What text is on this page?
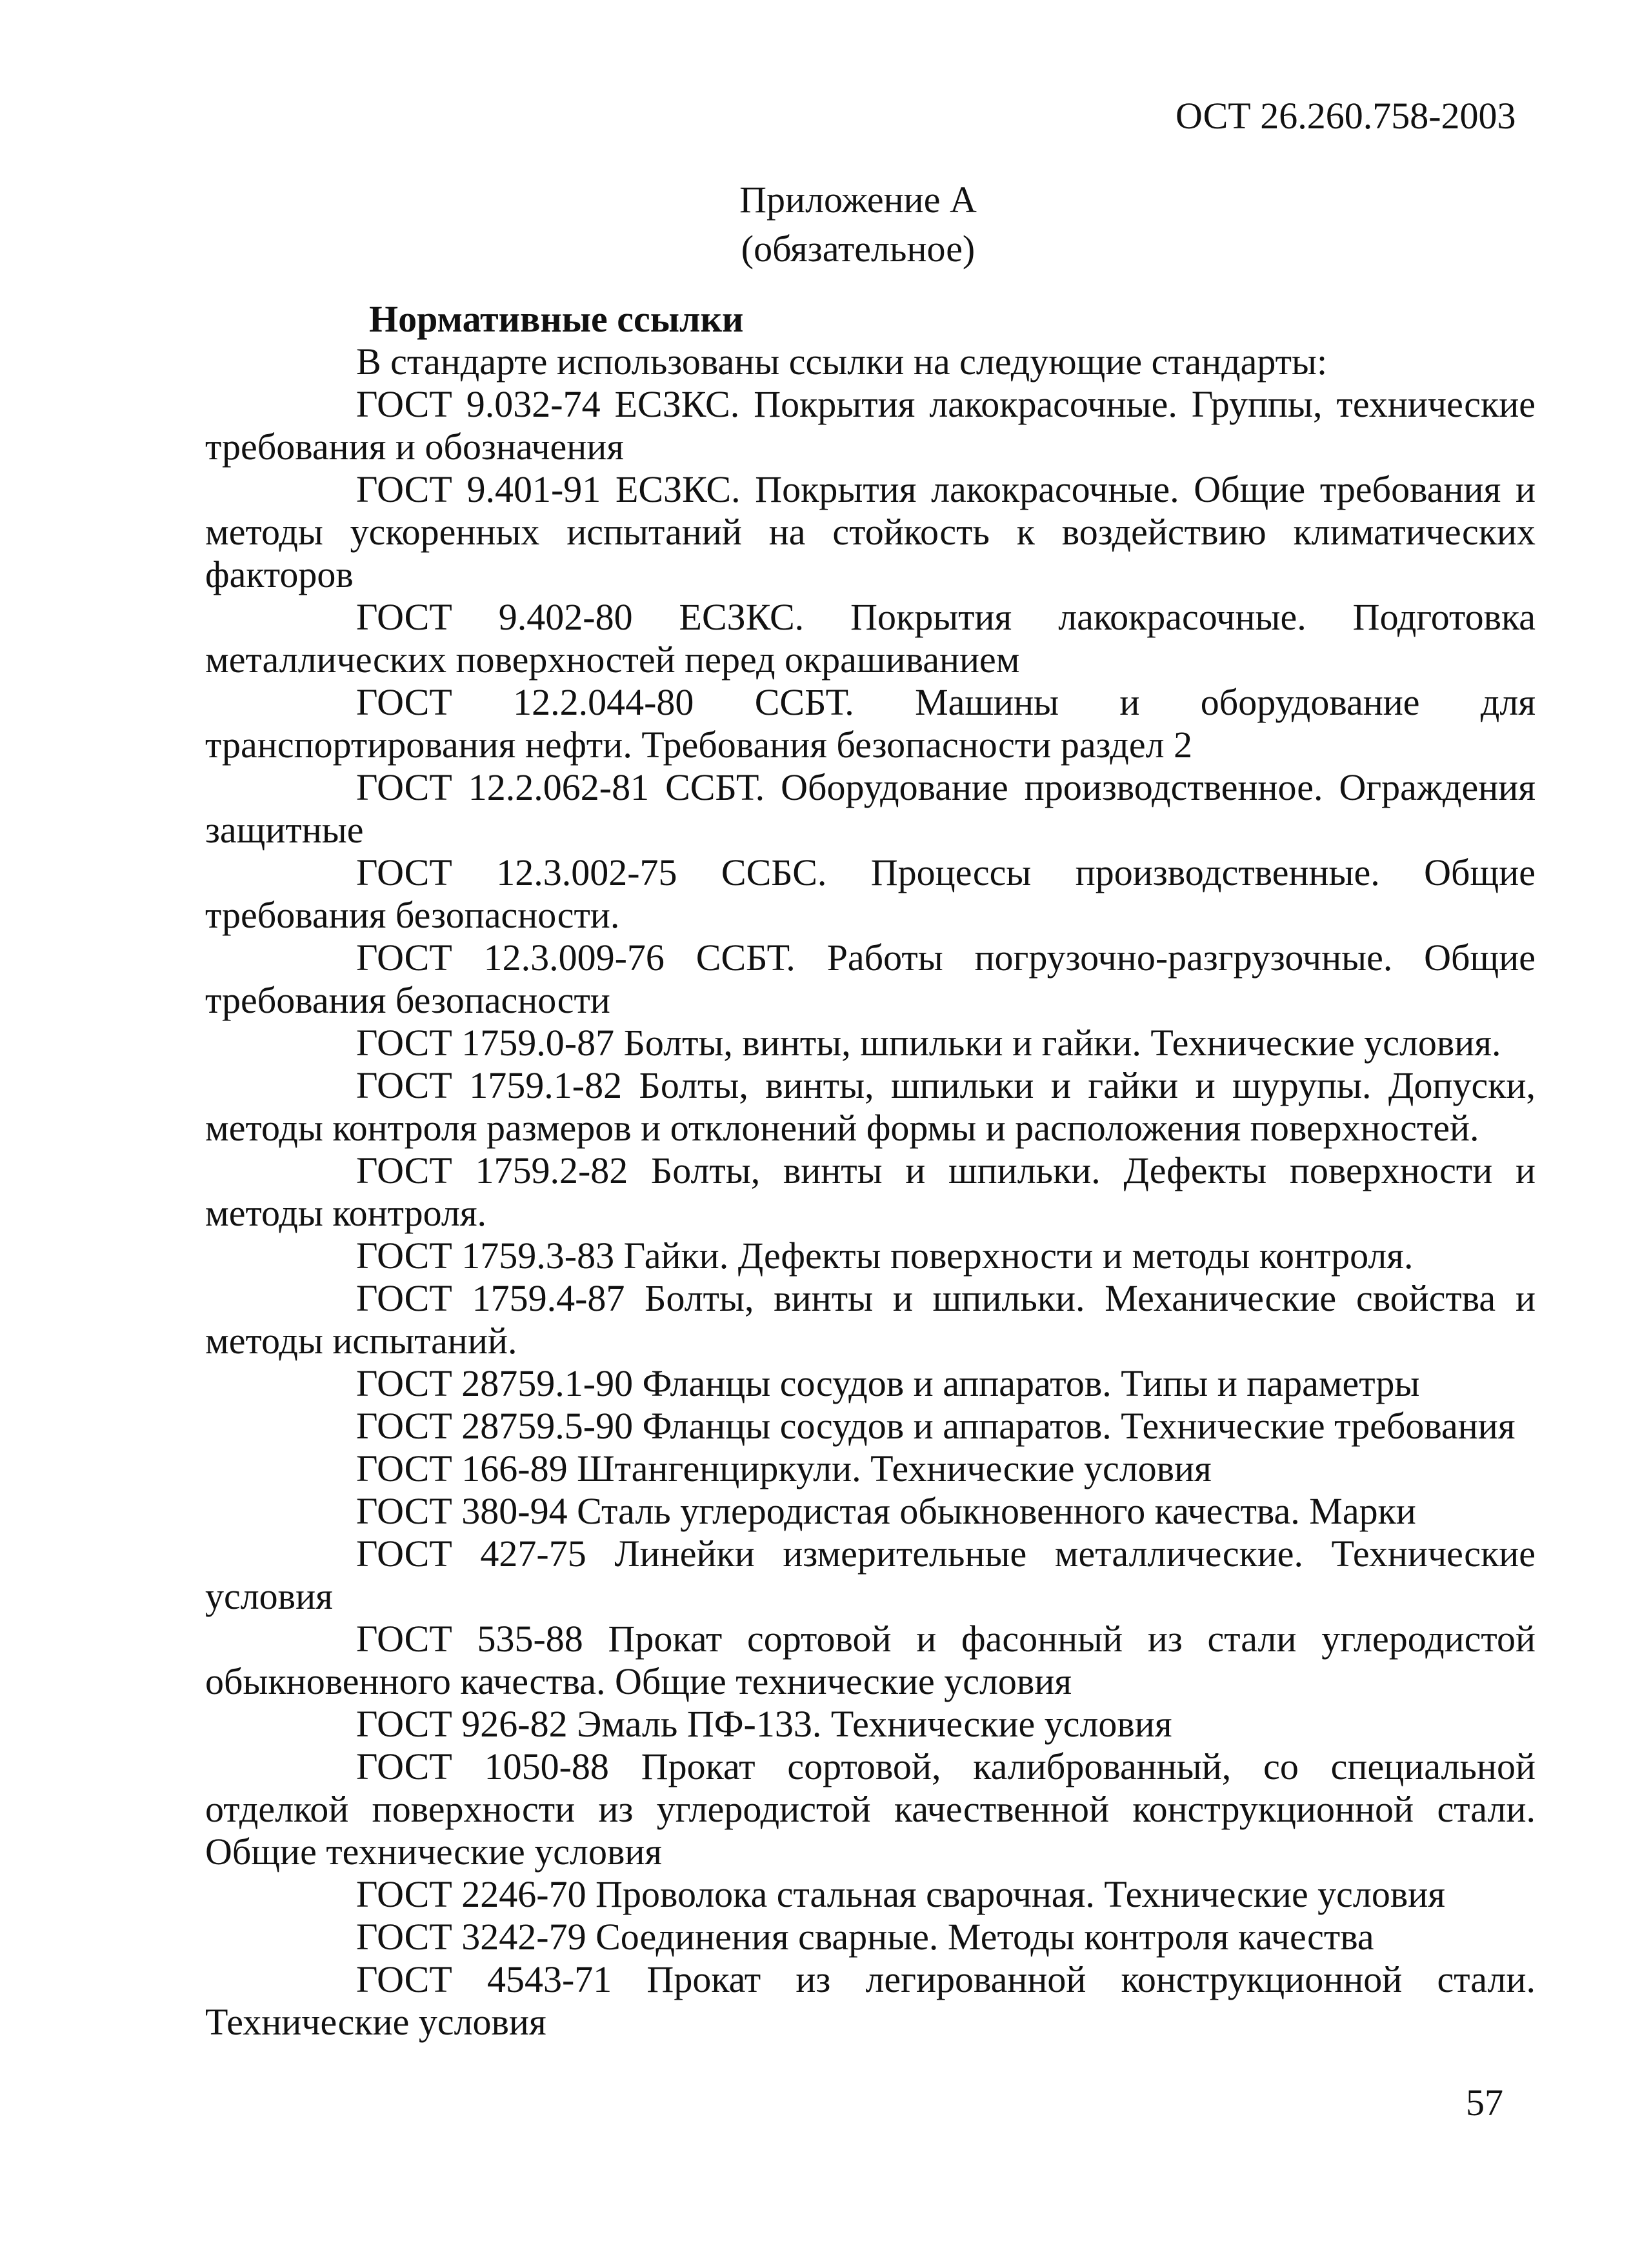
ОСТ 26.260.758-2003
Приложение А
(обязательное)
Нормативные ссылки
В стандарте использованы ссылки на следующие стандарты:

ГОСТ 9.032-74 ЕСЗКС. Покрытия лакокрасочные. Группы, технические требования и обозначения

ГОСТ 9.401-91 ЕСЗКС. Покрытия лакокрасочные. Общие требования и методы ускоренных испытаний на стойкость к воздействию климатических факторов

ГОСТ 9.402-80 ЕСЗКС. Покрытия лакокрасочные. Подготовка металлических поверхностей перед окрашиванием

ГОСТ 12.2.044-80 ССБТ. Машины и оборудование для транспортирования нефти. Требования безопасности раздел 2

ГОСТ 12.2.062-81 ССБТ. Оборудование производственное. Ограждения защитные

ГОСТ 12.3.002-75 ССБС. Процессы производственные. Общие требования безопасности.

ГОСТ 12.3.009-76 ССБТ. Работы погрузочно-разгрузочные. Общие требования безопасности

ГОСТ 1759.0-87 Болты, винты, шпильки и гайки. Технические условия.

ГОСТ 1759.1-82 Болты, винты, шпильки и гайки и шурупы. Допуски, методы контроля размеров и отклонений формы и расположения поверхностей.

ГОСТ 1759.2-82 Болты, винты и шпильки. Дефекты поверхности и методы контроля.

ГОСТ 1759.3-83 Гайки. Дефекты поверхности и методы контроля.

ГОСТ 1759.4-87 Болты, винты и шпильки. Механические свойства и методы испытаний.

ГОСТ 28759.1-90 Фланцы сосудов и аппаратов. Типы и параметры

ГОСТ 28759.5-90 Фланцы сосудов и аппаратов. Технические требования

ГОСТ 166-89 Штангенциркули. Технические условия

ГОСТ 380-94 Сталь углеродистая обыкновенного качества. Марки

ГОСТ 427-75 Линейки измерительные металлические. Технические условия

ГОСТ 535-88 Прокат сортовой и фасонный из стали углеродистой обыкновенного качества. Общие технические условия

ГОСТ 926-82 Эмаль ПФ-133. Технические условия

ГОСТ 1050-88 Прокат сортовой, калиброванный, со специальной отделкой поверхности из углеродистой качественной конструкционной стали. Общие технические условия

ГОСТ 2246-70 Проволока стальная сварочная. Технические условия

ГОСТ 3242-79 Соединения сварные. Методы контроля качества

ГОСТ 4543-71 Прокат из легированной конструкционной стали. Технические условия

57
